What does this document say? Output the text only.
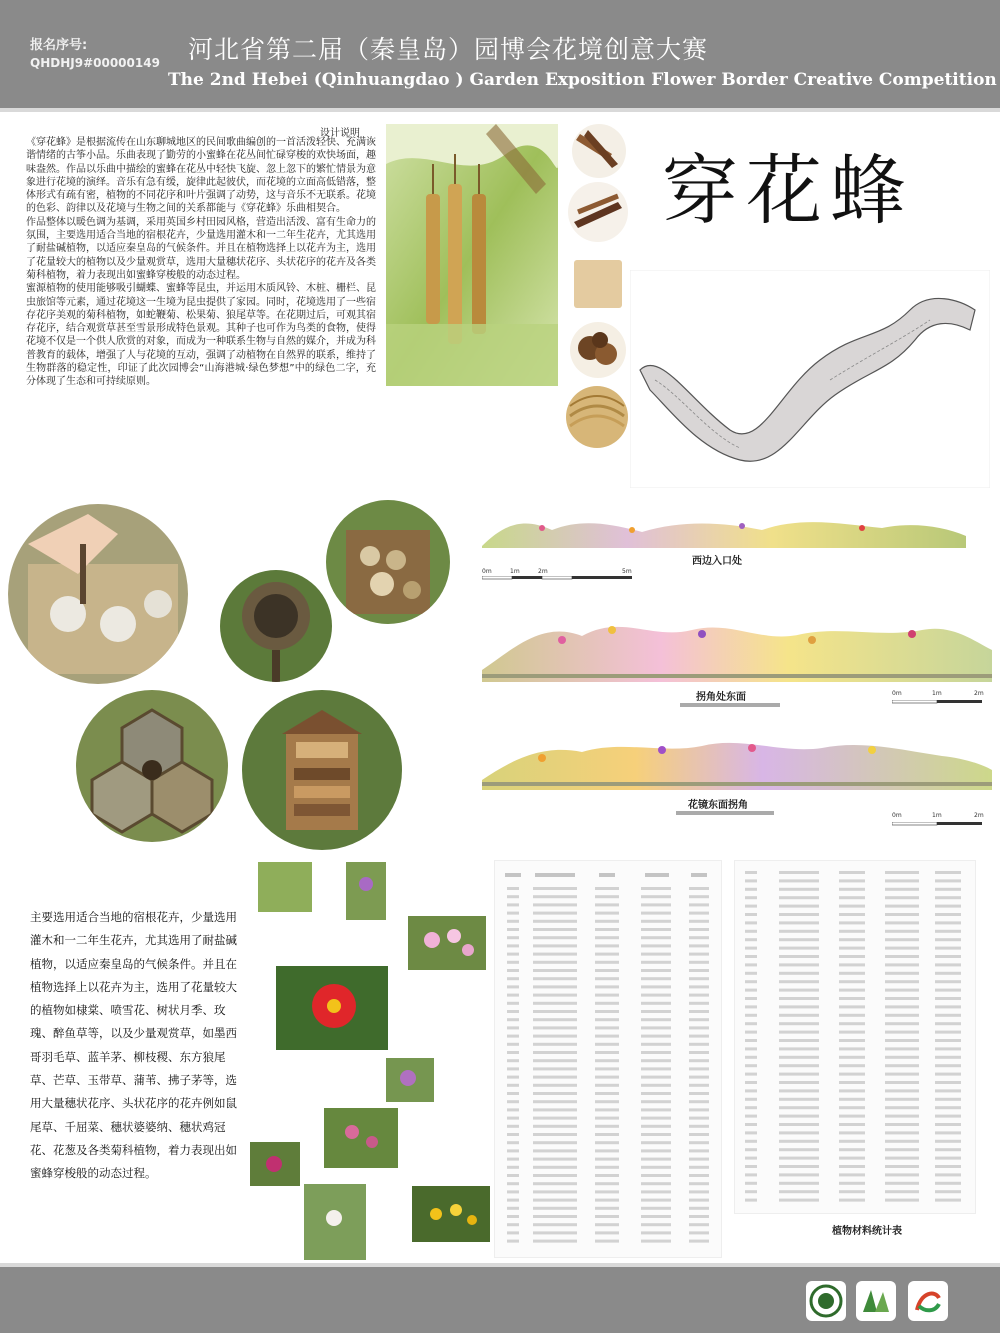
报名序号:
QHDHJ9#00000149 河北省第二届（秦皇岛）园博会花境创意大赛
The 2nd Hebei (Qinhuangdao ) Garden Exposition Flower Border Creative Competition
设计说明

《穿花蜂》是根据流传在山东聊城地区的民间歌曲编创的一首活泼轻快、充满诙谐情绪的古筝小品。乐曲表现了勤劳的小蜜蜂在花丛间忙碌穿梭的欢快场面，趣味盎然。作品以乐曲中描绘的蜜蜂在花丛中轻快飞旋、忽上忽下的繁忙情景为意象进行花境的演绎。音乐有急有缓，旋律此起彼伏，而花境的立面高低错落，整体形式有疏有密，植物的不同花序和叶片强调了动势，这与音乐不无联系。花境的色彩、韵律以及花境与生物之间的关系都能与《穿花蜂》乐曲相契合。

作品整体以暖色调为基调，采用英国乡村田园风格，营造出活泼、富有生命力的氛围，主要选用适合当地的宿根花卉，少量选用灌木和一二年生花卉，尤其选用了耐盐碱植物，以适应秦皇岛的气候条件。并且在植物选择上以花卉为主，选用了花量较大的植物以及少量观赏草，选用大量穗状花序、头状花序的花卉及各类菊科植物，着力表现出如蜜蜂穿梭般的动态过程。

蜜源植物的使用能够吸引蝴蝶、蜜蜂等昆虫，并运用木质风铃、木桩、栅栏、昆虫旅馆等元素，通过花境这一生境为昆虫提供了家园。同时，花境选用了一些宿存花序美观的菊科植物，如蛇鞭菊、松果菊、狼尾草等。在花期过后，可观其宿存花序，结合观赏草甚至雪景形成特色景观。其种子也可作为鸟类的食物，使得花境不仅是一个供人欣赏的对象，而成为一种联系生物与自然的媒介，并成为科普教育的载体，增强了人与花境的互动，强调了动植物在自然界的联系，维持了生物群落的稳定性，印证了此次园博会“山海港城·绿色梦想”中的绿色二字，充分体现了生态和可持续原则。

穿花蜂
西边入口处
0m	1m	2m	5m
拐角处东面	0m	1m	2m
花镜东面拐角
0m	1m	2m
主要选用适合当地的宿根花卉，少量选用灌木和一二年生花卉，尤其选用了耐盐碱植物，以适应秦皇岛的气候条件。并且在植物选择上以花卉为主，选用了花量较大的植物如棣棠、喷雪花、树状月季、玫瑰、醉鱼草等，以及少量观赏草，如墨西哥羽毛草、蓝羊茅、柳枝稷、东方狼尾草、芒草、玉带草、蒲苇、拂子茅等，选用大量穗状花序、头状花序的花卉例如鼠尾草、千屈菜、穗状婆婆纳、穗状鸡冠花、花葱及各类菊科植物，着力表现出如蜜蜂穿梭般的动态过程。
植物材料统计表
